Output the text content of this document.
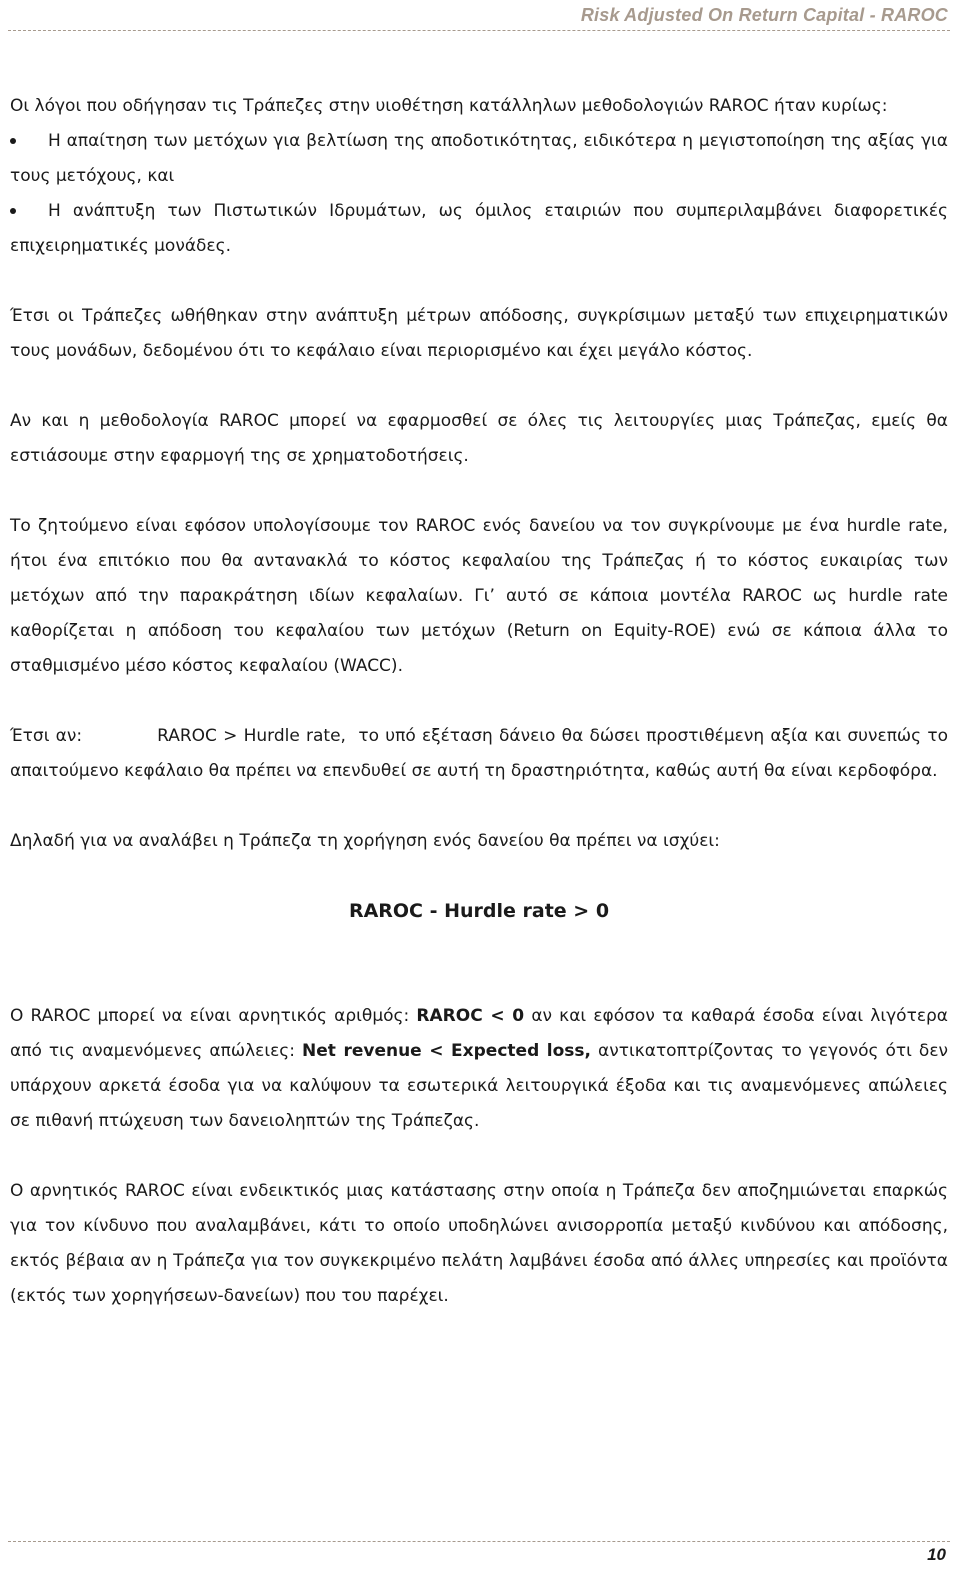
Risk Adjusted On Return Capital - RAROC

Οι λόγοι που οδήγησαν τις Τράπεζες στην υιοθέτηση κατάλληλων μεθοδολογιών RAROC ήταν κυρίως:

Η απαίτηση των μετόχων για βελτίωση της αποδοτικότητας, ειδικότερα η μεγιστοποίηση της αξίας για τους μετόχους, και

Η ανάπτυξη των Πιστωτικών Ιδρυμάτων, ως όμιλος εταιριών που συμπεριλαμβάνει διαφορετικές επιχειρηματικές μονάδες.

Έτσι οι Τράπεζες ωθήθηκαν στην ανάπτυξη μέτρων απόδοσης, συγκρίσιμων μεταξύ των επιχειρηματικών τους μονάδων, δεδομένου ότι το κεφάλαιο είναι περιορισμένο και έχει μεγάλο κόστος.

Αν και η μεθοδολογία RAROC μπορεί να εφαρμοσθεί σε όλες τις λειτουργίες μιας Τράπεζας, εμείς θα εστιάσουμε στην εφαρμογή της σε χρηματοδοτήσεις.

Το ζητούμενο είναι εφόσον υπολογίσουμε τον RAROC ενός δανείου να τον συγκρίνουμε με ένα hurdle rate, ήτοι ένα επιτόκιο που θα αντανακλά το κόστος κεφαλαίου της Τράπεζας ή το κόστος ευκαιρίας των μετόχων από την παρακράτηση ιδίων κεφαλαίων. Γι’ αυτό σε κάποια μοντέλα RAROC ως hurdle rate καθορίζεται η απόδοση του κεφαλαίου των μετόχων (Return on Equity-ROE) ενώ σε κάποια άλλα το σταθμισμένο μέσο κόστος κεφαλαίου (WACC).

Έτσι αν:	RAROC > Hurdle rate, το υπό εξέταση δάνειο θα δώσει προστιθέμενη αξία και συνεπώς το απαιτούμενο κεφάλαιο θα πρέπει να επενδυθεί σε αυτή τη δραστηριότητα, καθώς αυτή θα είναι κερδοφόρα.

Δηλαδή για να αναλάβει η Τράπεζα τη χορήγηση ενός δανείου θα πρέπει να ισχύει:

RAROC - Hurdle rate > 0

Ο RAROC μπορεί να είναι αρνητικός αριθμός: RAROC < 0 αν και εφόσον τα καθαρά έσοδα είναι λιγότερα από τις αναμενόμενες απώλειες: Net revenue < Expected loss, αντικατοπτρίζοντας το γεγονός ότι δεν υπάρχουν αρκετά έσοδα για να καλύψουν τα εσωτερικά λειτουργικά έξοδα και τις αναμενόμενες απώλειες σε πιθανή πτώχευση των δανειοληπτών της Τράπεζας.

Ο αρνητικός RAROC είναι ενδεικτικός μιας κατάστασης στην οποία η Τράπεζα δεν αποζημιώνεται επαρκώς για τον κίνδυνο που αναλαμβάνει, κάτι το οποίο υποδηλώνει ανισορροπία μεταξύ κινδύνου και απόδοσης, εκτός βέβαια αν η Τράπεζα για τον συγκεκριμένο πελάτη λαμβάνει έσοδα από άλλες υπηρεσίες και προϊόντα (εκτός των χορηγήσεων-δανείων) που του παρέχει.

10
